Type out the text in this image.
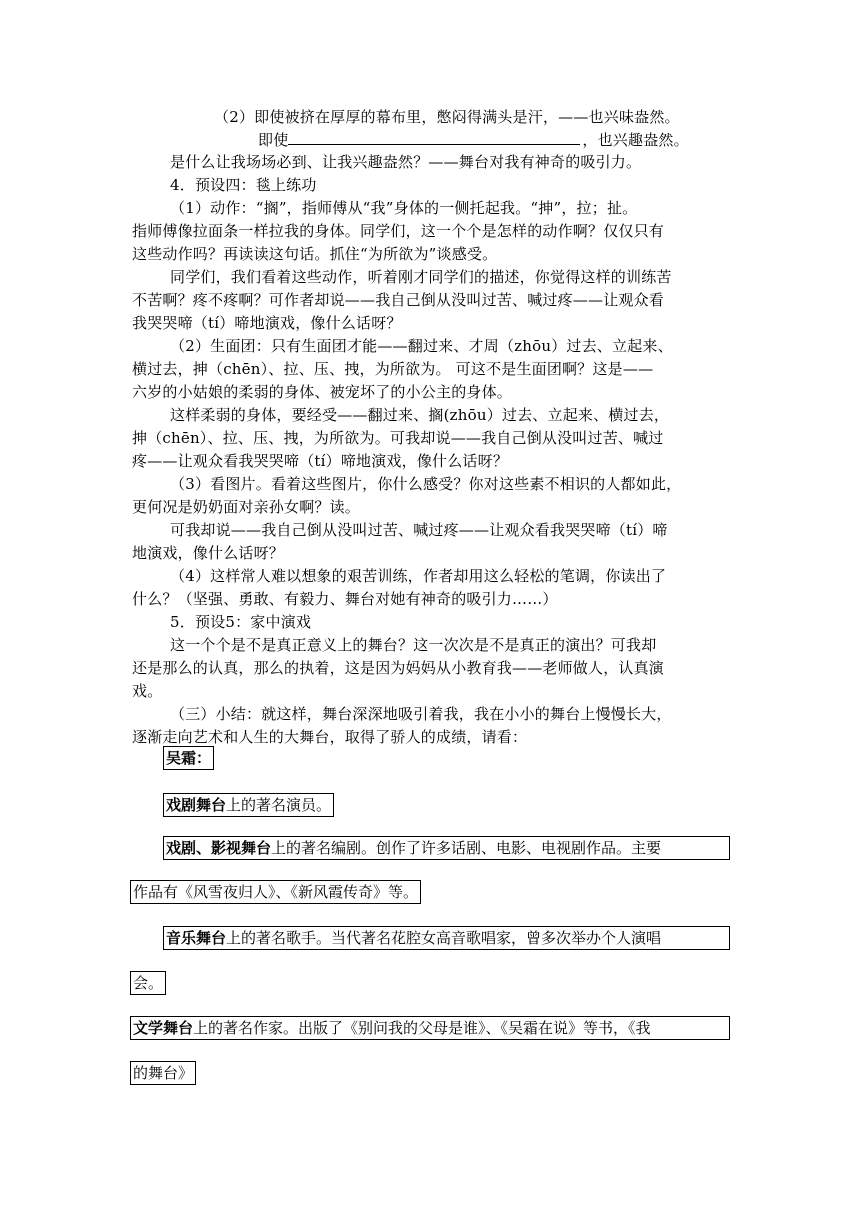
（2）即使被挤在厚厚的幕布里，憋闷得满头是汗，——也兴味盎然。
即使	，也兴趣盎然。
是什么让我场场必到、让我兴趣盎然？——舞台对我有神奇的吸引力。
4．预设四：毯上练功
（1）动作：“搁”，指师傅从“我”身体的一侧托起我。“抻”，拉；扯。
指师傅像拉面条一样拉我的身体。同学们，这一个个是怎样的动作啊？仅仅只有
这些动作吗？再读读这句话。抓住“为所欲为”谈感受。
同学们，我们看着这些动作，听着刚才同学们的描述，你觉得这样的训练苦
不苦啊？疼不疼啊？可作者却说——我自己倒从没叫过苦、喊过疼——让观众看
我哭哭啼（tí）啼地演戏，像什么话呀？
（2）生面团：只有生面团才能——翻过来、才周（zhōu）过去、立起来、
横过去，抻（chēn）、拉、压、拽，为所欲为。 可这不是生面团啊？这是——
六岁的小姑娘的柔弱的身体、被宠坏了的小公主的身体。
这样柔弱的身体，要经受——翻过来、搁(zhōu）过去、立起来、横过去，
抻（chēn）、拉、压、拽，为所欲为。可我却说——我自己倒从没叫过苦、喊过
疼——让观众看我哭哭啼（tí）啼地演戏，像什么话呀？
（3）看图片。看着这些图片，你什么感受？你对这些素不相识的人都如此，
更何况是奶奶面对亲孙女啊？读。
可我却说——我自己倒从没叫过苦、喊过疼——让观众看我哭哭啼（tí）啼
地演戏，像什么话呀？
（4）这样常人难以想象的艰苦训练，作者却用这么轻松的笔调，你读出了
什么？（坚强、勇敢、有毅力、舞台对她有神奇的吸引力……）
5．预设5：家中演戏
这一个个是不是真正意义上的舞台？这一次次是不是真正的演出？可我却
还是那么的认真，那么的执着，这是因为妈妈从小教育我——老师做人，认真演
戏。
（三）小结：就这样，舞台深深地吸引着我，我在小小的舞台上慢慢长大，
逐渐走向艺术和人生的大舞台，取得了骄人的成绩，请看：
吴霜：
戏剧舞台上的著名演员。
戏剧、影视舞台上的著名编剧。创作了许多话剧、电影、电视剧作品。主要
作品有《风雪夜归人》、《新风霞传奇》等。
音乐舞台上的著名歌手。当代著名花腔女高音歌唱家，曾多次举办个人演唱
会。
文学舞台上的著名作家。出版了《别问我的父母是谁》、《吴霜在说》等书，《我
的舞台》
